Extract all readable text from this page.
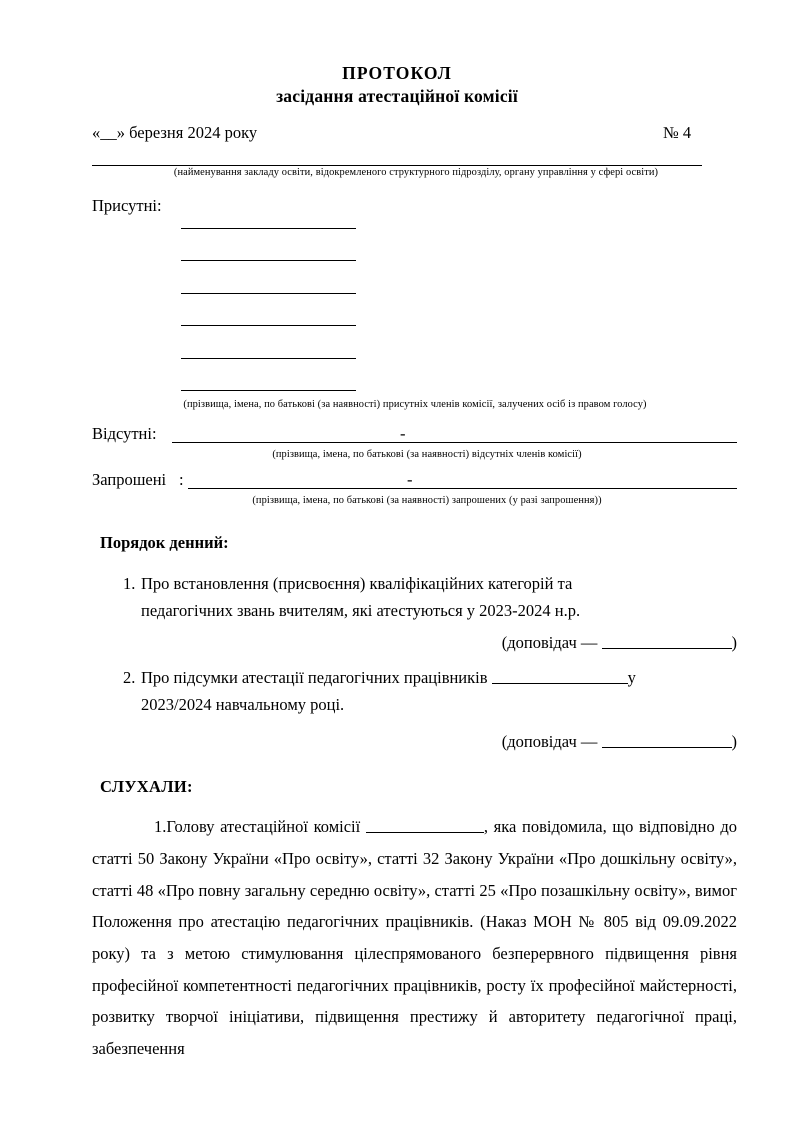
ПРОТОКОЛ
засідання атестаційної комісії
«__» березня 2024 року	№ 4
(найменування закладу освіти, відокремленого структурного підрозділу, органу управління у сфері освіти)
Присутні:
(прізвища, імена, по батькові (за наявності) присутніх членів комісії, залучених осіб із правом голосу)
Відсутні:	-
(прізвища, імена, по батькові (за наявності) відсутніх членів комісії)
Запрошені :	-
(прізвища, імена, по батькові (за наявності) запрошених (у разі запрошення))
Порядок денний:
1. Про встановлення (присвоєння) кваліфікаційних категорій та

педагогічних звань вчителям, які атестуються у 2023-2024 н.р.

(доповідач —	)
2. Про підсумки атестації педагогічних працівників	у

2023/2024 навчальному році.

(доповідач —	)
СЛУХАЛИ:

1.Голову атестаційної комісії	, яка повідомила, що відповідно до статті 50 Закону України «Про освіту», статті 32 Закону України «Про дошкільну освіту», статті 48 «Про повну загальну середню освіту», статті 25 «Про позашкільну освіту», вимог Положення про атестацію педагогічних працівників. (Наказ МОН № 805 від 09.09.2022 року) та з метою стимулювання цілеспрямованого безперервного підвищення рівня професійної компетентності педагогічних працівників, росту їх професійної майстерності, розвитку творчої ініціативи, підвищення престижу й авторитету педагогічної праці, забезпечення
